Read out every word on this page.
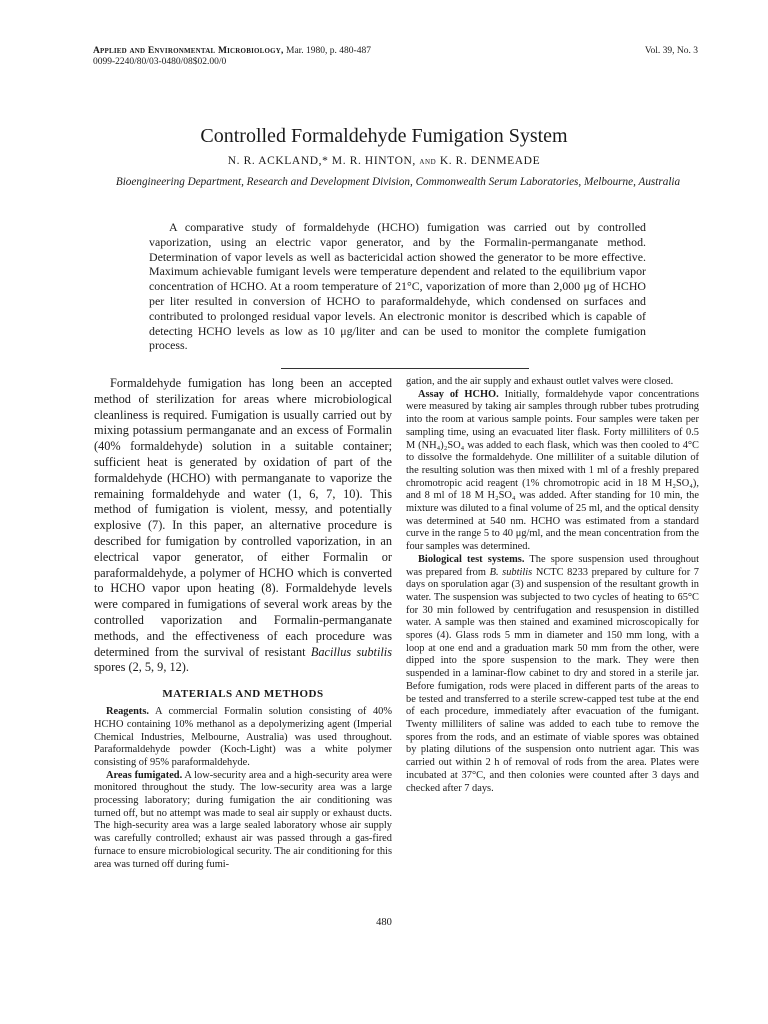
Applied and Environmental Microbiology, Mar. 1980, p. 480-487
0099-2240/80/03-0480/08$02.00/0
Vol. 39, No. 3
Controlled Formaldehyde Fumigation System
N. R. ACKLAND,* M. R. HINTON, and K. R. DENMEADE
Bioengineering Department, Research and Development Division, Commonwealth Serum Laboratories, Melbourne, Australia

A comparative study of formaldehyde (HCHO) fumigation was carried out by controlled vaporization, using an electric vapor generator, and by the Formalin-permanganate method. Determination of vapor levels as well as bactericidal action showed the generator to be more effective. Maximum achievable fumigant levels were temperature dependent and related to the equilibrium vapor concentration of HCHO. At a room temperature of 21°C, vaporization of more than 2,000 μg of HCHO per liter resulted in conversion of HCHO to paraformaldehyde, which condensed on surfaces and contributed to prolonged residual vapor levels. An electronic monitor is described which is capable of detecting HCHO levels as low as 10 μg/liter and can be used to monitor the complete fumigation process.

Formaldehyde fumigation has long been an accepted method of sterilization for areas where microbiological cleanliness is required. Fumigation is usually carried out by mixing potassium permanganate and an excess of Formalin (40% formaldehyde) solution in a suitable container; sufficient heat is generated by oxidation of part of the formaldehyde (HCHO) with permanganate to vaporize the remaining formaldehyde and water (1, 6, 7, 10). This method of fumigation is violent, messy, and potentially explosive (7). In this paper, an alternative procedure is described for fumigation by controlled vaporization, in an electrical vapor generator, of either Formalin or paraformaldehyde, a polymer of HCHO which is converted to HCHO vapor upon heating (8). Formaldehyde levels were compared in fumigations of several work areas by the controlled vaporization and Formalin-permanganate methods, and the effectiveness of each procedure was determined from the survival of resistant Bacillus subtilis spores (2, 5, 9, 12).

MATERIALS AND METHODS

Reagents. A commercial Formalin solution consisting of 40% HCHO containing 10% methanol as a depolymerizing agent (Imperial Chemical Industries, Melbourne, Australia) was used throughout. Paraformaldehyde powder (Koch-Light) was a white polymer consisting of 95% paraformaldehyde.

Areas fumigated. A low-security area and a high-security area were monitored throughout the study. The low-security area was a large processing laboratory; during fumigation the air conditioning was turned off, but no attempt was made to seal air supply or exhaust ducts. The high-security area was a large sealed laboratory whose air supply was carefully controlled; exhaust air was passed through a gas-fired furnace to ensure microbiological security. The air conditioning for this area was turned off during fumi-

gation, and the air supply and exhaust outlet valves were closed.

Assay of HCHO. Initially, formaldehyde vapor concentrations were measured by taking air samples through rubber tubes protruding into the room at various sample points. Four samples were taken per sampling time, using an evacuated liter flask. Forty milliliters of 0.5 M (NH₄)₂SO₄ was added to each flask, which was then cooled to 4°C to dissolve the formaldehyde. One milliliter of a suitable dilution of the resulting solution was then mixed with 1 ml of a freshly prepared chromotropic acid reagent (1% chromotropic acid in 18 M H₂SO₄), and 8 ml of 18 M H₂SO₄ was added. After standing for 10 min, the mixture was diluted to a final volume of 25 ml, and the optical density was determined at 540 nm. HCHO was estimated from a standard curve in the range 5 to 40 μg/ml, and the mean concentration from the four samples was determined.

Biological test systems. The spore suspension used throughout was prepared from B. subtilis NCTC 8233 prepared by culture for 7 days on sporulation agar (3) and suspension of the resultant growth in water. The suspension was subjected to two cycles of heating to 65°C for 30 min followed by centrifugation and resuspension in distilled water. A sample was then stained and examined microscopically for spores (4). Glass rods 5 mm in diameter and 150 mm long, with a loop at one end and a graduation mark 50 mm from the other, were dipped into the spore suspension to the mark. They were then suspended in a laminar-flow cabinet to dry and stored in a sterile jar. Before fumigation, rods were placed in different parts of the areas to be tested and transferred to a sterile screw-capped test tube at the end of each procedure, immediately after evacuation of the fumigant. Twenty milliliters of saline was added to each tube to remove the spores from the rods, and an estimate of viable spores was obtained by plating dilutions of the suspension onto nutrient agar. This was carried out within 2 h of removal of rods from the area. Plates were incubated at 37°C, and then colonies were counted after 3 days and checked after 7 days.

480
